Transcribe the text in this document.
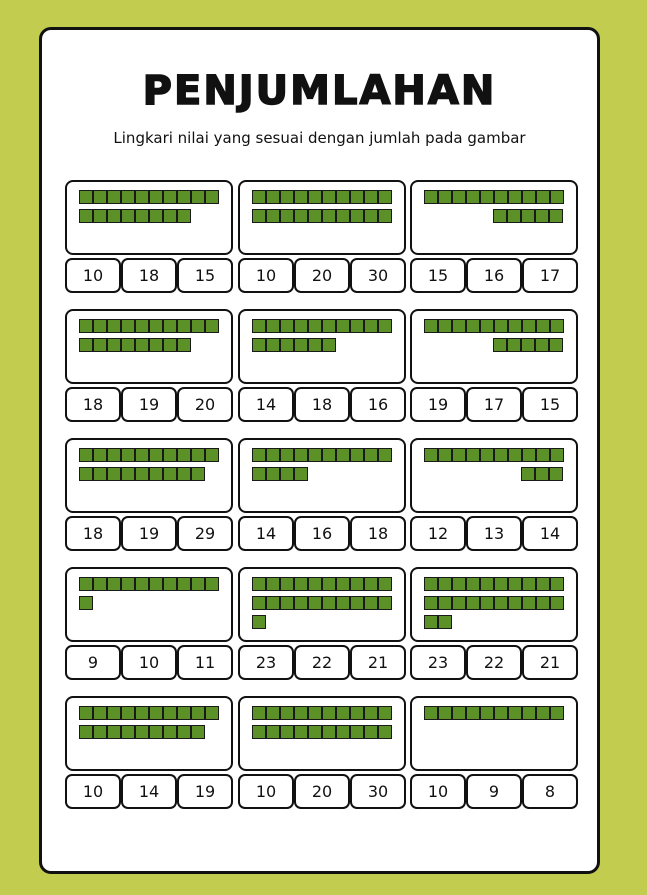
PENJUMLAHAN
Lingkari nilai yang sesuai dengan jumlah pada gambar
10	18	15	10	20	30	15	16	17
18	19	20	14	18	16	19	17	15
18	19	29	14	16	18	12	13	14
9	10	11	23	22	21	23	22	21
10	14	19	10	20	30	10	9	8
